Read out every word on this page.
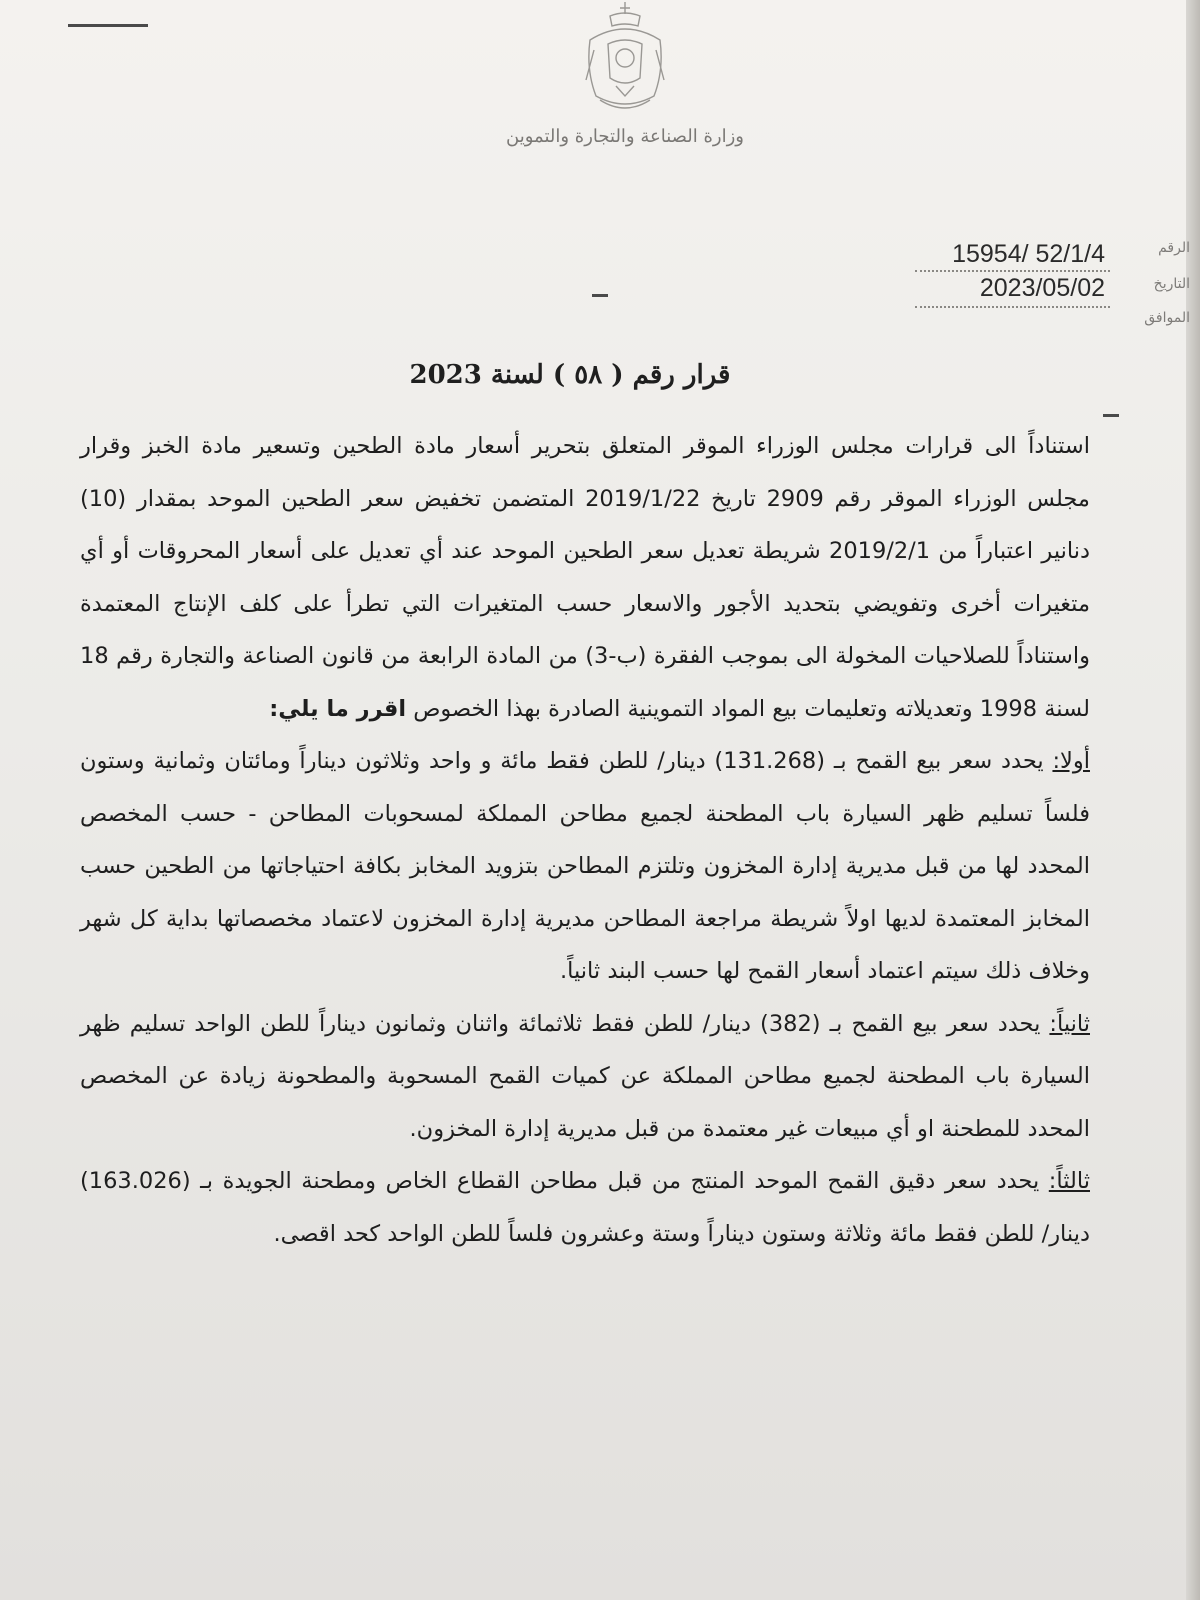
وزارة الصناعة والتجارة والتموين
15954/ 52/1/4	الرقم
2023/05/02	التاريخ
الموافق
قرار رقم ( ٥٨ ) لسنة 2023

استناداً الى قرارات مجلس الوزراء الموقر المتعلق بتحرير أسعار مادة الطحين وتسعير مادة الخبز وقرار مجلس الوزراء الموقر رقم 2909 تاريخ 2019/1/22 المتضمن تخفيض سعر الطحين الموحد بمقدار (10) دنانير اعتباراً من 2019/2/1 شريطة تعديل سعر الطحين الموحد عند أي تعديل على أسعار المحروقات أو أي متغيرات أخرى وتفويضي بتحديد الأجور والاسعار حسب المتغيرات التي تطرأ على كلف الإنتاج المعتمدة واستناداً للصلاحيات المخولة الى بموجب الفقرة (ب-3) من المادة الرابعة من قانون الصناعة والتجارة رقم 18 لسنة 1998 وتعديلاته وتعليمات بيع المواد التموينية الصادرة بهذا الخصوص اقرر ما يلي:

أولا: يحدد سعر بيع القمح بـ (131.268) دينار/ للطن فقط مائة و واحد وثلاثون ديناراً ومائتان وثمانية وستون فلساً تسليم ظهر السيارة باب المطحنة لجميع مطاحن المملكة لمسحوبات المطاحن - حسب المخصص المحدد لها من قبل مديرية إدارة المخزون وتلتزم المطاحن بتزويد المخابز بكافة احتياجاتها من الطحين حسب المخابز المعتمدة لديها اولاً شريطة مراجعة المطاحن مديرية إدارة المخزون لاعتماد مخصصاتها بداية كل شهر وخلاف ذلك سيتم اعتماد أسعار القمح لها حسب البند ثانياً.

ثانياً: يحدد سعر بيع القمح بـ (382) دينار/ للطن فقط ثلاثمائة واثنان وثمانون ديناراً للطن الواحد تسليم ظهر السيارة باب المطحنة لجميع مطاحن المملكة عن كميات القمح المسحوبة والمطحونة زيادة عن المخصص المحدد للمطحنة او أي مبيعات غير معتمدة من قبل مديرية إدارة المخزون.

ثالثاً: يحدد سعر دقيق القمح الموحد المنتج من قبل مطاحن القطاع الخاص ومطحنة الجويدة بـ (163.026) دينار/ للطن فقط مائة وثلاثة وستون ديناراً وستة وعشرون فلساً للطن الواحد كحد اقصى.
